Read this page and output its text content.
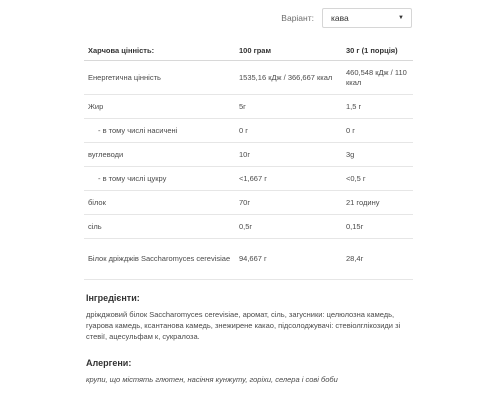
Варіант: кава	▼
Харчова цінність:	100 грам	30 г (1 порція)
Енергетична цінність	1535,16 кДж / 366,667 ккал	460,548 кДж / 110 ккал
Жир	5г	1,5 г
- в тому числі насичені	0 г	0 г
вуглеводи	10г	3g
- в тому числі цукру	<1,667 г	<0,5 г
білок	70г	21 годину
сіль	0,5г	0,15г
Білок дріжджів Saccharomyces cerevisiae	94,667 г	28,4г
Інгредієнти:
дріжджовий білок Saccharomyces cerevisiae, аромат, сіль, загусники: целюлозна камедь, гуарова камедь, ксантанова камедь, знежирене какао, підсолоджувачі: стевіолглікозиди зі стевії, ацесульфам к, сукралоза.
Алергени:
крупи, що містять глютен, насіння кунжуту, горіхи, селера і сові боби
